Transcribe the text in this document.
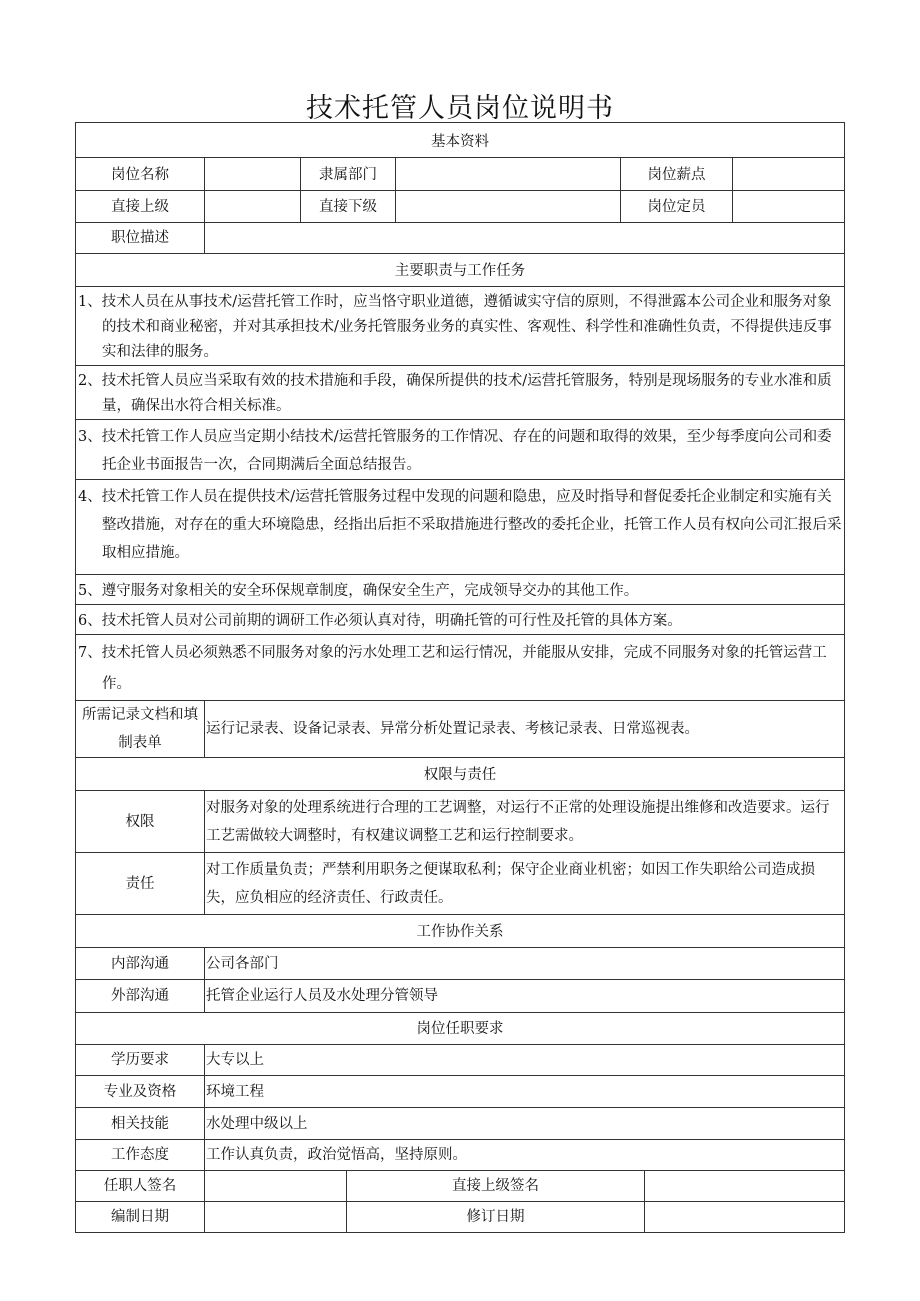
技术托管人员岗位说明书
基本资料							
岗位名称		隶属部门			岗位薪点		
直接上级		直接下级			岗位定员		
职位描述							
主要职责与工作任务							

1、技术人员在从事技术/运营托管工作时，应当恪守职业道德，遵循诚实守信的原则，不得泄露本公司企业和服务对象的技术和商业秘密，并对其承担技术/业务托管服务业务的真实性、客观性、科学性和准确性负责，不得提供违反事实和法律的服务。							

2、技术托管人员应当采取有效的技术措施和手段，确保所提供的技术/运营托管服务，特别是现场服务的专业水准和质量，确保出水符合相关标准。							

3、技术托管工作人员应当定期小结技术/运营托管服务的工作情况、存在的问题和取得的效果，至少每季度向公司和委托企业书面报告一次，合同期满后全面总结报告。							

4、技术托管工作人员在提供技术/运营托管服务过程中发现的问题和隐患，应及时指导和督促委托企业制定和实施有关整改措施，对存在的重大环境隐患，经指出后拒不采取措施进行整改的委托企业，托管工作人员有权向公司汇报后采取相应措施。							

5、遵守服务对象相关的安全环保规章制度，确保安全生产，完成领导交办的其他工作。							

6、技术托管人员对公司前期的调研工作必须认真对待，明确托管的可行性及托管的具体方案。							

7、技术托管人员必须熟悉不同服务对象的污水处理工艺和运行情况，并能服从安排，完成不同服务对象的托管运营工作。							

所需记录文档和填制表单	运行记录表、设备记录表、异常分析处置记录表、考核记录表、日常巡视表。						
权限与责任							
权限	对服务对象的处理系统进行合理的工艺调整，对运行不正常的处理设施提出维修和改造要求。运行工艺需做较大调整时，有权建议调整工艺和运行控制要求。						
责任	对工作质量负责；严禁利用职务之便谋取私利；保守企业商业机密；如因工作失职给公司造成损失，应负相应的经济责任、行政责任。						
工作协作关系							
内部沟通	公司各部门						
外部沟通	托管企业运行人员及水处理分管领导						
岗位任职要求							
学历要求	大专以上						
专业及资格	环境工程						
相关技能	水处理中级以上						
工作态度	工作认真负责，政治觉悟高，坚持原则。						
任职人签名			直接上级签名				
编制日期			修订日期				
